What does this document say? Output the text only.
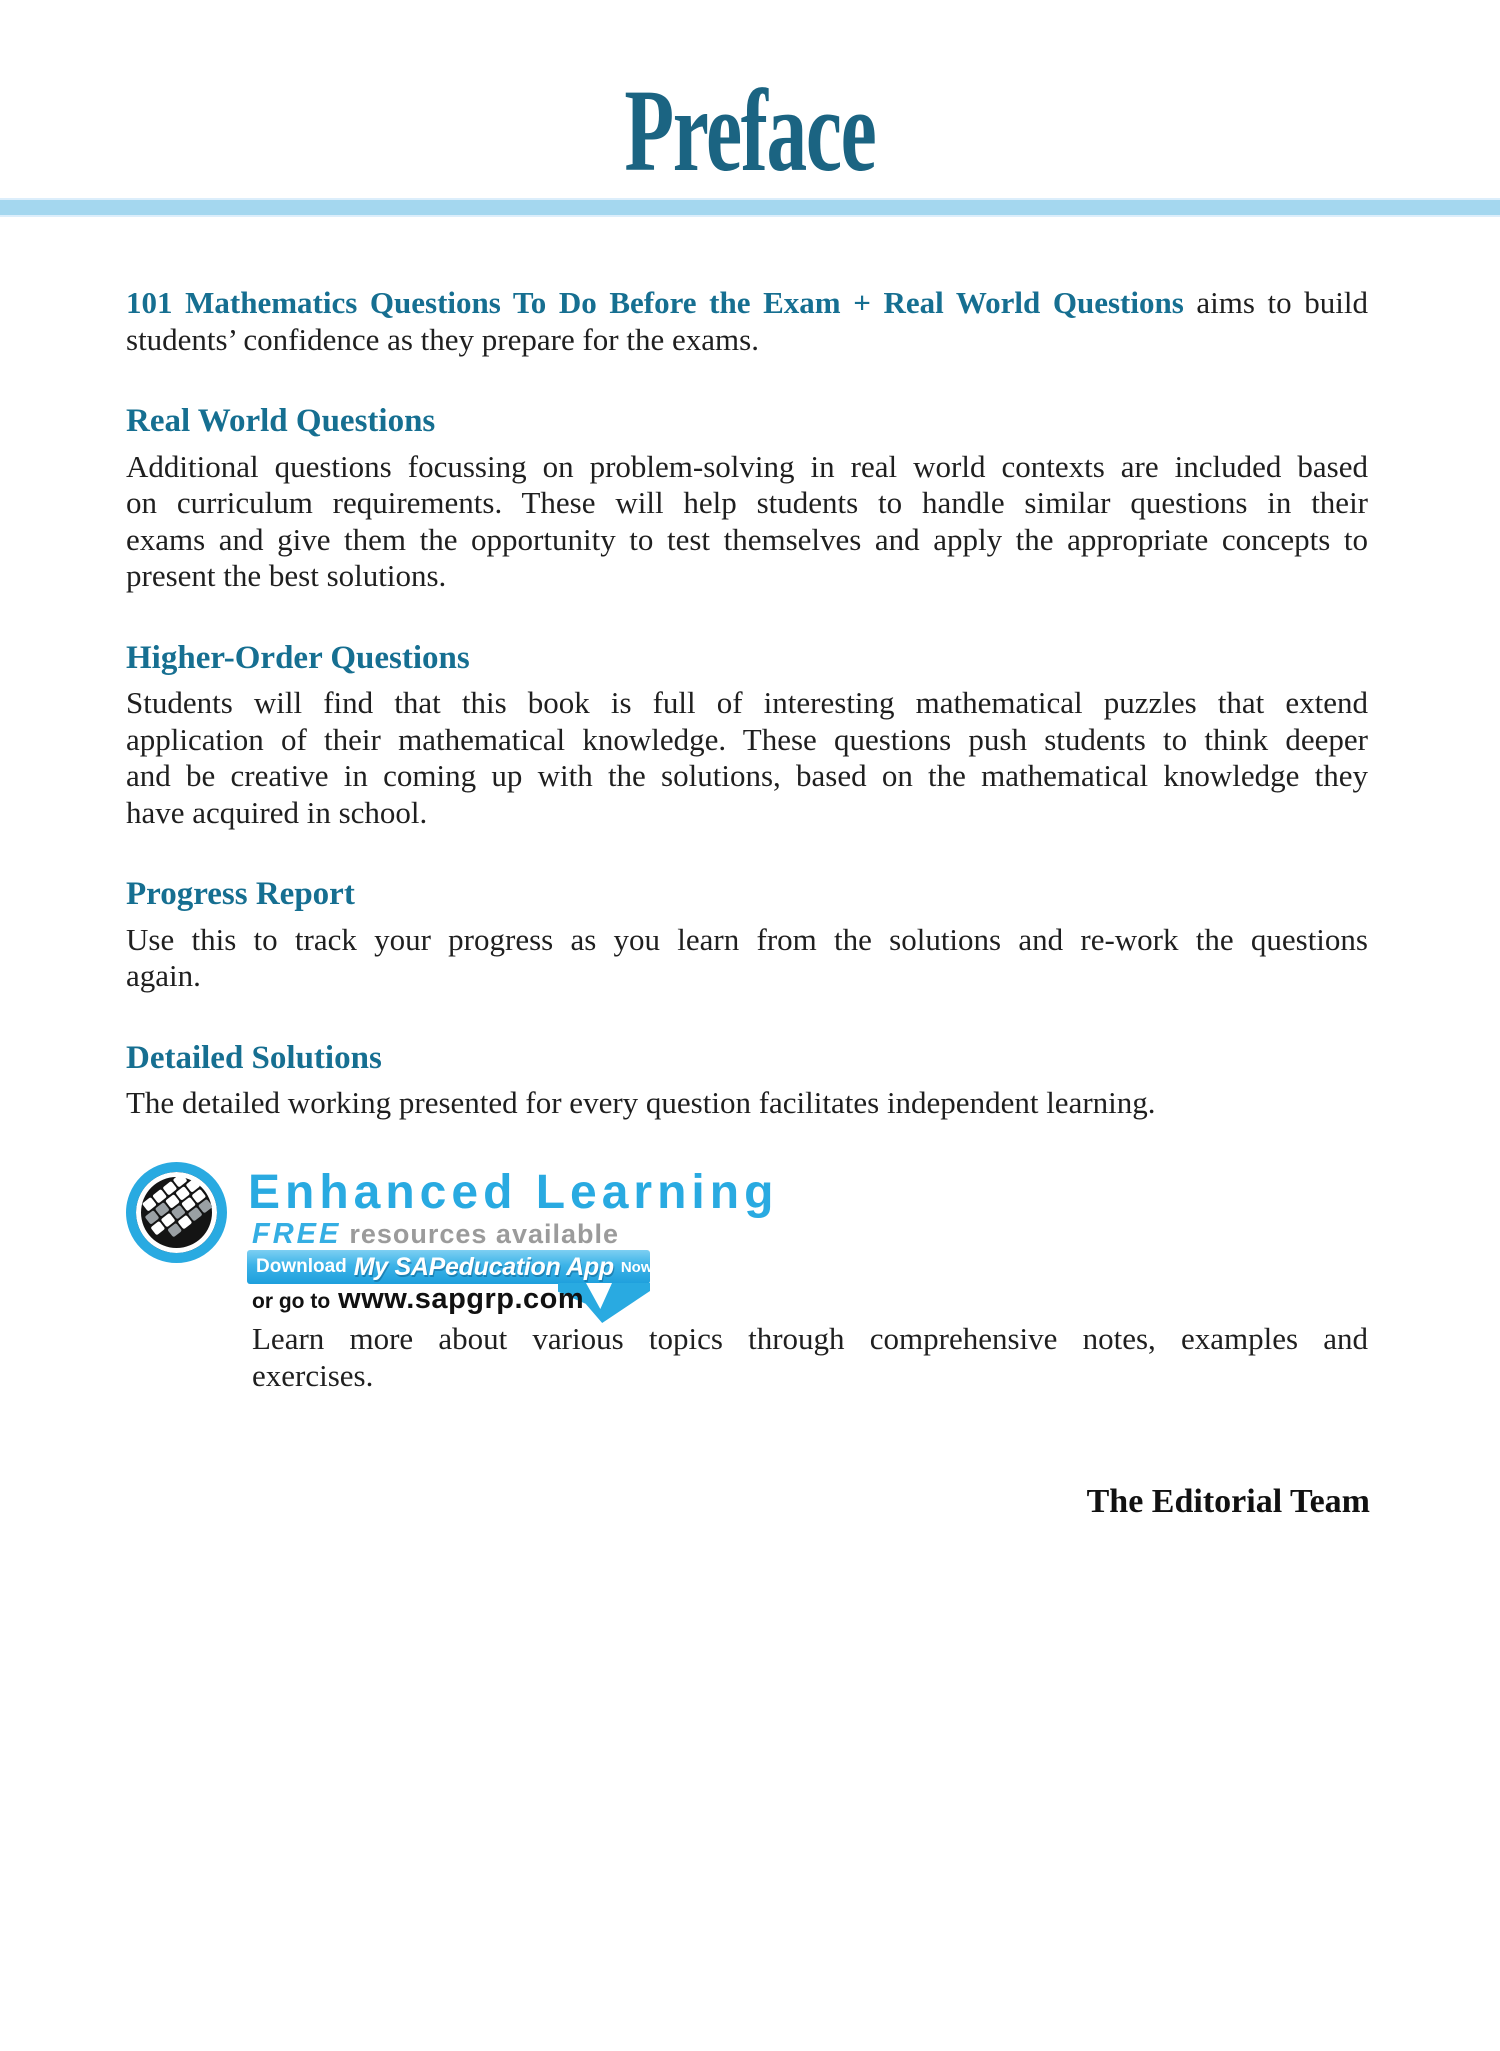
Preface
101 Mathematics Questions To Do Before the Exam + Real World Questions aims to build
students’ confidence as they prepare for the exams.
Real World Questions
Additional questions focussing on problem-solving in real world contexts are included based
on curriculum requirements. These will help students to handle similar questions in their
exams and give them the opportunity to test themselves and apply the appropriate concepts to
present the best solutions.
Higher-Order Questions
Students will find that this book is full of interesting mathematical puzzles that extend
application of their mathematical knowledge. These questions push students to think deeper
and be creative in coming up with the solutions, based on the mathematical knowledge they
have acquired in school.
Progress Report
Use this to track your progress as you learn from the solutions and re-work the questions
again.
Detailed Solutions
The detailed working presented for every question facilitates independent learning.
Enhanced Learning
FREE resources available
Download My SAPeducation App Now!
or go to www.sapgrp.com
Learn more about various topics through comprehensive notes, examples and
exercises.
The Editorial Team
